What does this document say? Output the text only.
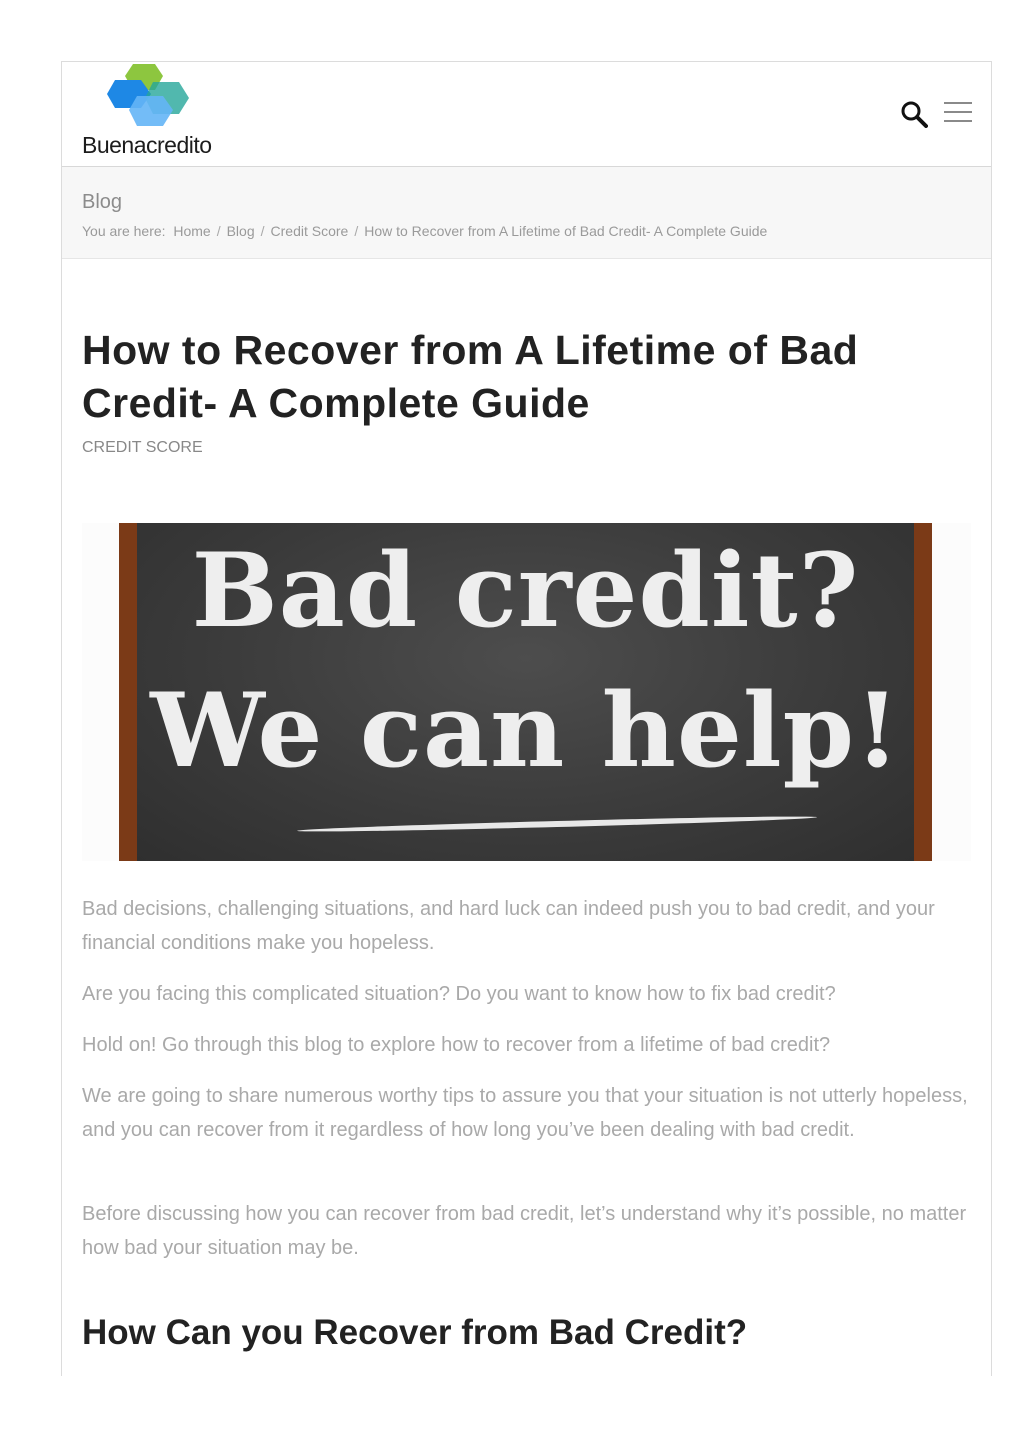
Buenacredito
Blog
You are here: Home / Blog / Credit Score / How to Recover from A Lifetime of Bad Credit- A Complete Guide
How to Recover from A Lifetime of Bad Credit- A Complete Guide
CREDIT SCORE
Bad credit?
We can help!

Bad decisions, challenging situations, and hard luck can indeed push you to bad credit, and your financial conditions make you hopeless.

Are you facing this complicated situation? Do you want to know how to fix bad credit?

Hold on! Go through this blog to explore how to recover from a lifetime of bad credit?

We are going to share numerous worthy tips to assure you that your situation is not utterly hopeless, and you can recover from it regardless of how long you’ve been dealing with bad credit.

Before discussing how you can recover from bad credit, let’s understand why it’s possible, no matter how bad your situation may be.

How Can you Recover from Bad Credit?
